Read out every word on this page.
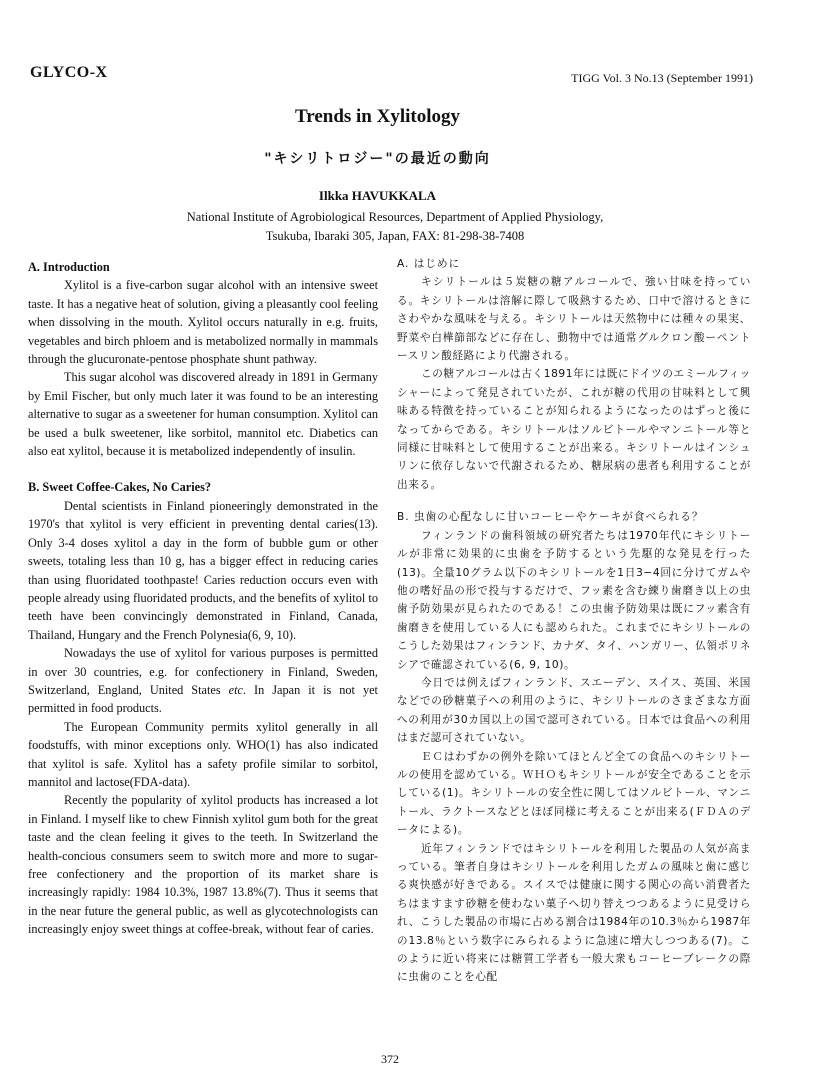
GLYCO-X	TIGG Vol. 3 No.13 (September 1991)
Trends in Xylitology
"キシリトロジー"の最近の動向
Ilkka HAVUKKALA
National Institute of Agrobiological Resources, Department of Applied Physiology,
Tsukuba, Ibaraki 305, Japan, FAX: 81-298-38-7408
A. Introduction

Xylitol is a five-carbon sugar alcohol with an intensive sweet taste. It has a negative heat of solution, giving a pleasantly cool feeling when dissolving in the mouth. Xylitol occurs naturally in e.g. fruits, vegetables and birch phloem and is metabolized normally in mammals through the glucuronate-pentose phosphate shunt pathway.

This sugar alcohol was discovered already in 1891 in Germany by Emil Fischer, but only much later it was found to be an interesting alternative to sugar as a sweetener for human consumption. Xylitol can be used a bulk sweetener, like sorbitol, mannitol etc. Diabetics can also eat xylitol, because it is metabolized independently of insulin.

B. Sweet Coffee-Cakes, No Caries?

Dental scientists in Finland pioneeringly demonstrated in the 1970's that xylitol is very efficient in preventing dental caries(13). Only 3-4 doses xylitol a day in the form of bubble gum or other sweets, totaling less than 10 g, has a bigger effect in reducing caries than using fluoridated toothpaste! Caries reduction occurs even with people already using fluoridated products, and the benefits of xylitol to teeth have been convincingly demonstrated in Finland, Canada, Thailand, Hungary and the French Polynesia(6, 9, 10).

Nowadays the use of xylitol for various purposes is permitted in over 30 countries, e.g. for confectionery in Finland, Sweden, Switzerland, England, United States etc. In Japan it is not yet permitted in food products.

The European Community permits xylitol generally in all foodstuffs, with minor exceptions only. WHO(1) has also indicated that xylitol is safe. Xylitol has a safety profile similar to sorbitol, mannitol and lactose(FDA-data).

Recently the popularity of xylitol products has increased a lot in Finland. I myself like to chew Finnish xylitol gum both for the great taste and the clean feeling it gives to the teeth. In Switzerland the health-concious consumers seem to switch more and more to sugar-free confectionery and the proportion of its market share is increasingly rapidly: 1984 10.3%, 1987 13.8%(7). Thus it seems that in the near future the general public, as well as glycotechnologists can increasingly enjoy sweet things at coffee-break, without fear of caries.

A. はじめに

キシリトールは５炭糖の糖アルコールで、強い甘味を持っている。キシリトールは溶解に際して吸熱するため、口中で溶けるときにさわやかな風味を与える。キシリトールは天然物中には種々の果実、野菜や白樺篩部などに存在し、動物中では通常グルクロン酸ーペントースリン酸経路により代謝される。

この糖アルコールは古く1891年には既にドイツのエミールフィッシャーによって発見されていたが、これが糖の代用の甘味料として興味ある特徴を持っていることが知られるようになったのはずっと後になってからである。キシリトールはソルビトールやマンニトール等と同様に甘味料として使用することが出来る。キシリトールはインシュリンに依存しないで代謝されるため、糖尿病の患者も利用することが出来る。

B. 虫歯の心配なしに甘いコーヒーやケーキが食べられる？

フィンランドの歯科領域の研究者たちは1970年代にキシリトールが非常に効果的に虫歯を予防するという先駆的な発見を行った(13)。全量10グラム以下のキシリトールを1日3−4回に分けてガムや他の嗜好品の形で投与するだけで、フッ素を含む練り歯磨き以上の虫歯予防効果が見られたのである！この虫歯予防効果は既にフッ素含有歯磨きを使用している人にも認められた。これまでにキシリトールのこうした効果はフィンランド、カナダ、タイ、ハンガリー、仏領ポリネシアで確認されている(6, 9, 10)。

今日では例えばフィンランド、スエーデン、スイス、英国、米国などでの砂糖菓子への利用のように、キシリトールのさまざまな方面への利用が30カ国以上の国で認可されている。日本では食品への利用はまだ認可されていない。

ＥＣはわずかの例外を除いてほとんど全ての食品へのキシリトールの使用を認めている。ＷＨＯもキシリトールが安全であることを示している(1)。キシリトールの安全性に関してはソルビトール、マンニトール、ラクトースなどとほぼ同様に考えることが出来る(ＦＤＡのデータによる)。

近年フィンランドではキシリトールを利用した製品の人気が高まっている。筆者自身はキシリトールを利用したガムの風味と歯に感じる爽快感が好きである。スイスでは健康に関する関心の高い消費者たちはますます砂糖を使わない菓子へ切り替えつつあるように見受けられ、こうした製品の市場に占める割合は1984年の10.3％から1987年の13.8％という数字にみられるように急速に増大しつつある(7)。このように近い将来には糖質工学者も一般大衆もコーヒーブレークの際に虫歯のことを心配

372
